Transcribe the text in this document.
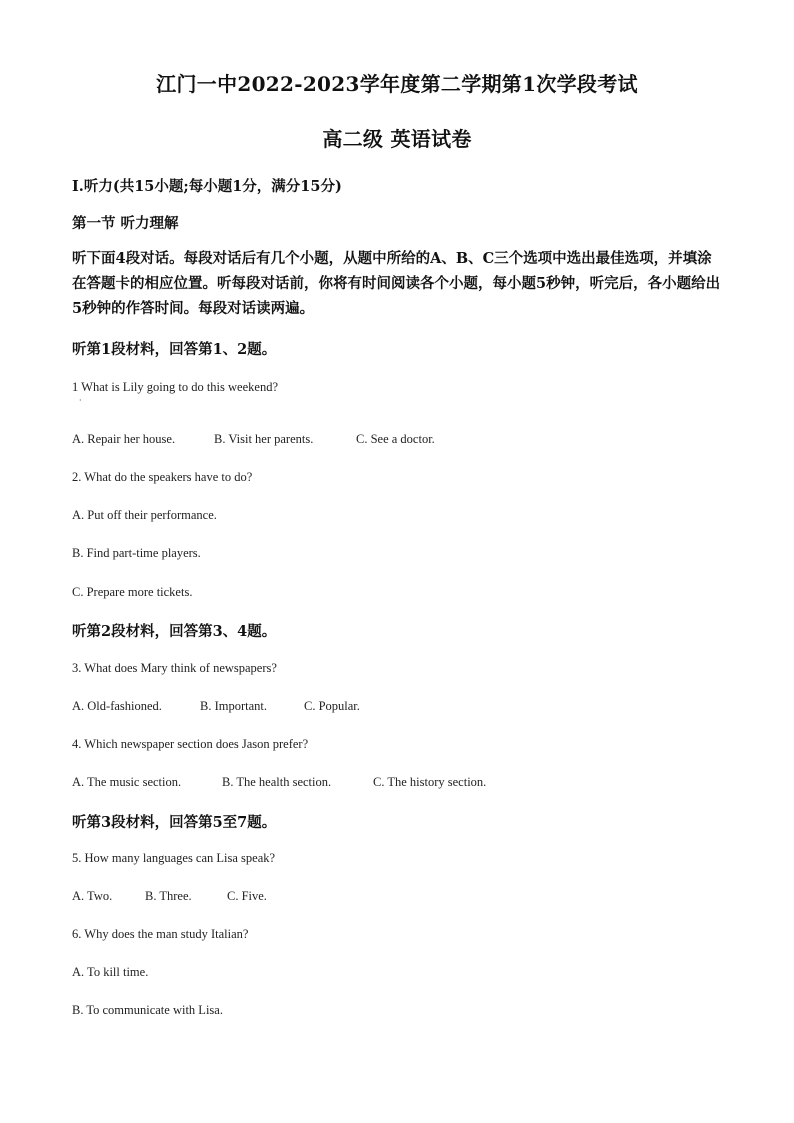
江门一中2022-2023学年度第二学期第1次学段考试
高二级 英语试卷
I.听力(共15小题;每小题1分，满分15分)
第一节 听力理解
听下面4段对话。每段对话后有几个小题，从题中所给的A、B、C三个选项中选出最佳选项，并填涂在答题卡的相应位置。听每段对话前，你将有时间阅读各个小题，每小题5秒钟，听完后，各小题给出5秒钟的作答时间。每段对话读两遍。
听第1段材料，回答第1、2题。
1 What is Lily going to do this weekend?
·
A. Repair her house.	B. Visit her parents.	C. See a doctor.
2. What do the speakers have to do?
A. Put off their performance.
B. Find part-time players.
C. Prepare more tickets.
听第2段材料，回答第3、4题。
3. What does Mary think of newspapers?
A. Old-fashioned.	B. Important.	C. Popular.
4. Which newspaper section does Jason prefer?
A. The music section.	B. The health section.	C. The history section.
听第3段材料，回答第5至7题。
5. How many languages can Lisa speak?
A. Two.	B. Three.	C. Five.
6. Why does the man study Italian?
A. To kill time.
B. To communicate with Lisa.
